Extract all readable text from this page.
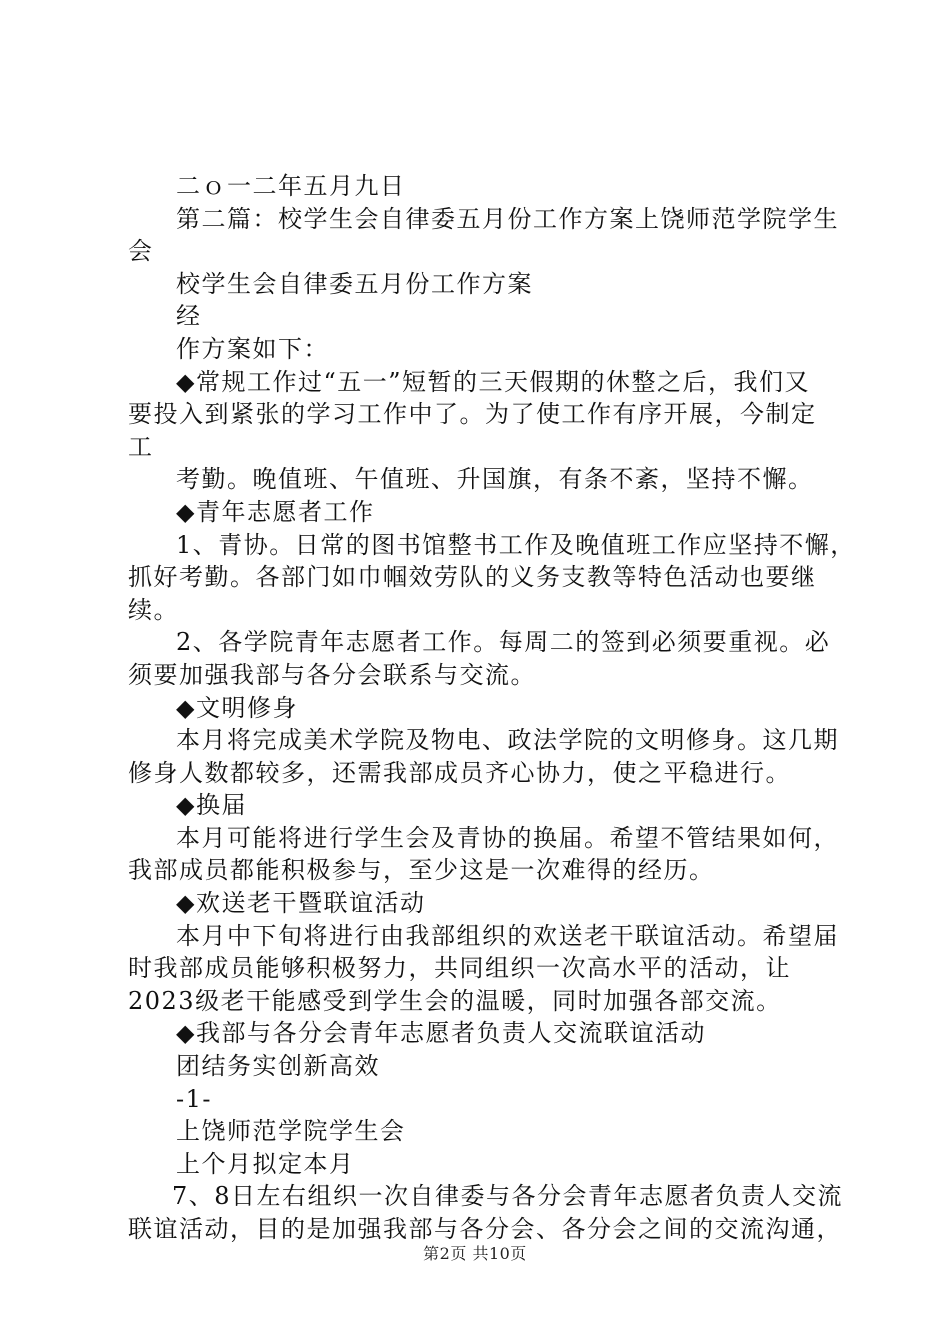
二ｏ一二年五月九日
第二篇：校学生会自律委五月份工作方案上饶师范学院学生
会
校学生会自律委五月份工作方案
经
作方案如下：
◆常规工作过“五一”短暂的三天假期的休整之后，我们又
要投入到紧张的学习工作中了。为了使工作有序开展，今制定
工
考勤。晚值班、午值班、升国旗，有条不紊，坚持不懈。
◆青年志愿者工作
1、青协。日常的图书馆整书工作及晚值班工作应坚持不懈，
抓好考勤。各部门如巾帼效劳队的义务支教等特色活动也要继
续。
2、各学院青年志愿者工作。每周二的签到必须要重视。必
须要加强我部与各分会联系与交流。
◆文明修身
本月将完成美术学院及物电、政法学院的文明修身。这几期
修身人数都较多，还需我部成员齐心协力，使之平稳进行。
◆换届
本月可能将进行学生会及青协的换届。希望不管结果如何，
我部成员都能积极参与，至少这是一次难得的经历。
◆欢送老干暨联谊活动
本月中下旬将进行由我部组织的欢送老干联谊活动。希望届
时我部成员能够积极努力，共同组织一次高水平的活动，让
2023级老干能感受到学生会的温暖，同时加强各部交流。
◆我部与各分会青年志愿者负责人交流联谊活动
团结务实创新高效
-1-
上饶师范学院学生会
上个月拟定本月
7、8日左右组织一次自律委与各分会青年志愿者负责人交流
联谊活动，目的是加强我部与各分会、各分会之间的交流沟通，
第2页 共10页
